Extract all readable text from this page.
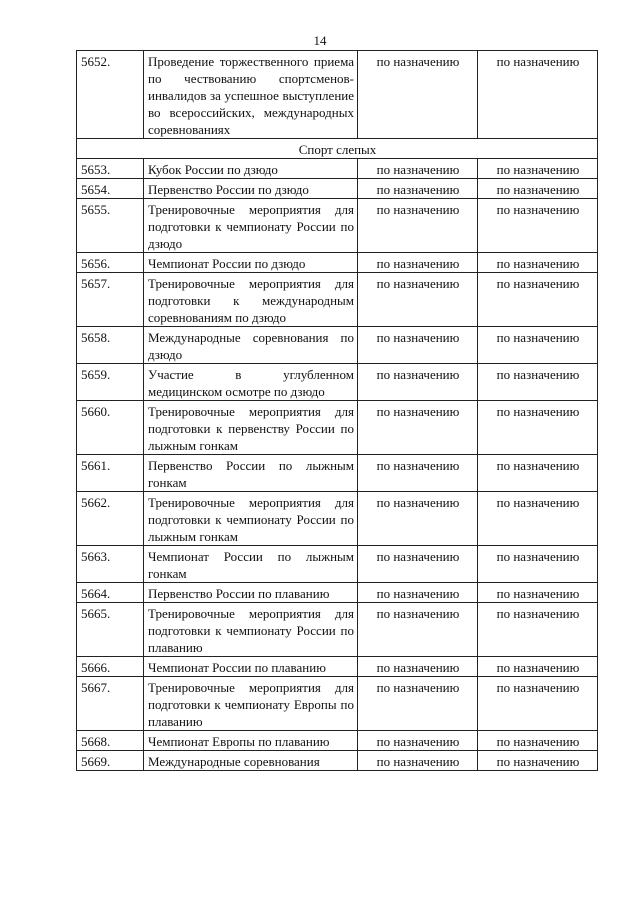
14
5652.	Проведение торжественного приема по чествованию спортсменов-инвалидов за успешное выступление во всероссийских, международных соревнованиях	по назначению	по назначению
Спорт слепых			
5653.	Кубок России по дзюдо	по назначению	по назначению
5654.	Первенство России по дзюдо	по назначению	по назначению
5655.	Тренировочные мероприятия для подготовки к чемпионату России по дзюдо	по назначению	по назначению
5656.	Чемпионат России по дзюдо	по назначению	по назначению
5657.	Тренировочные мероприятия для подготовки к международным соревнованиям по дзюдо	по назначению	по назначению
5658.	Международные соревнования по дзюдо	по назначению	по назначению
5659.	Участие в углубленном медицинском осмотре по дзюдо	по назначению	по назначению
5660.	Тренировочные мероприятия для подготовки к первенству России по лыжным гонкам	по назначению	по назначению
5661.	Первенство России по лыжным гонкам	по назначению	по назначению
5662.	Тренировочные мероприятия для подготовки к чемпионату России по лыжным гонкам	по назначению	по назначению
5663.	Чемпионат России по лыжным гонкам	по назначению	по назначению
5664.	Первенство России по плаванию	по назначению	по назначению
5665.	Тренировочные мероприятия для подготовки к чемпионату России по плаванию	по назначению	по назначению
5666.	Чемпионат России по плаванию	по назначению	по назначению
5667.	Тренировочные мероприятия для подготовки к чемпионату Европы по плаванию	по назначению	по назначению
5668.	Чемпионат Европы по плаванию	по назначению	по назначению
5669.	Международные соревнования	по назначению	по назначению
